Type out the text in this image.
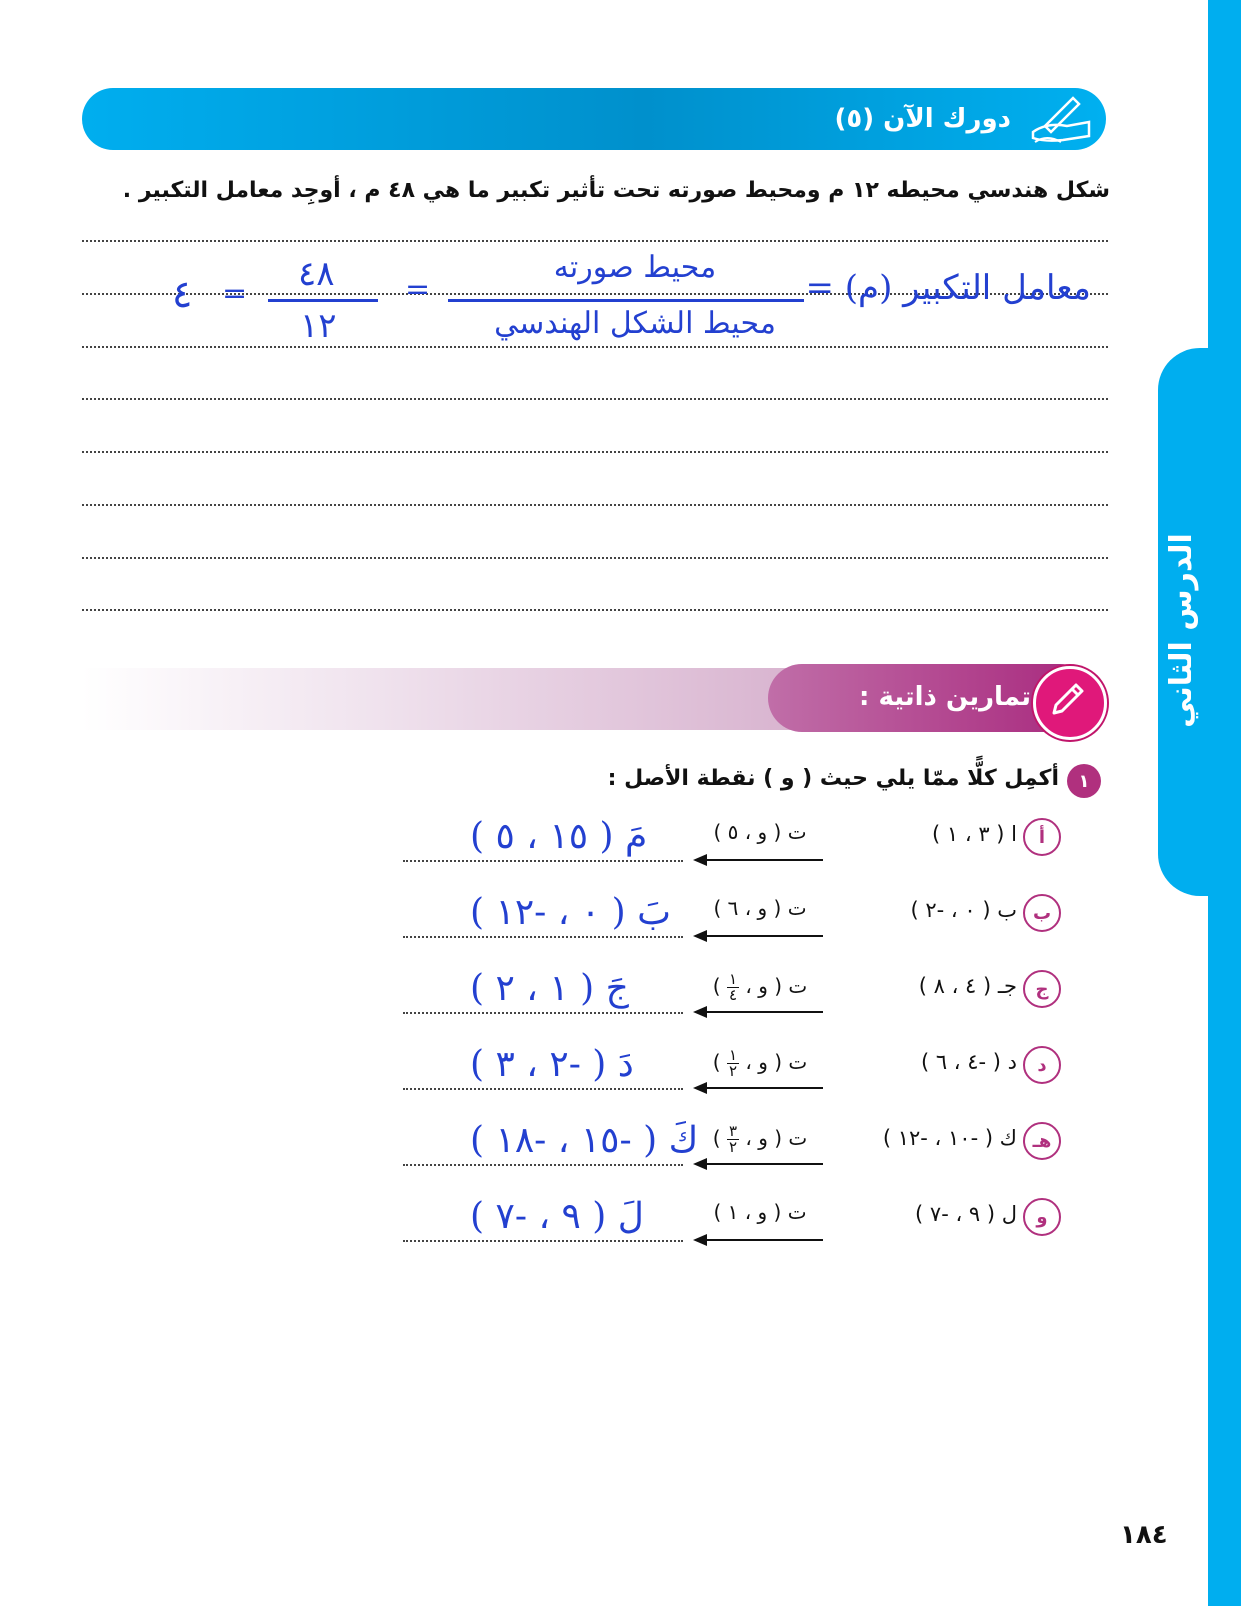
الدرس الثاني
دورك الآن (٥)
شكل هندسي محيطه ١٢ م ومحيط صورته تحت تأثير تكبير ما هي ٤٨ م ، أوجِد معامل التكبير .
معامل التكبير (م) =
محيط صورته
محيط الشكل الهندسي
=
٤٨
١٢
=
٤
تمارين ذاتية :
١
أكمِل كلًّا ممّا يلي حيث ( و ) نقطة الأصل :
أ
ا ( ٣ ، ١ )
ت ( و ، ٥ )
مَ ( ١٥ ، ٥ )
ب
ب ( ٠ ، -٢ )
ت ( و ، ٦ )
بَ ( ٠ ، -١٢ )
ج
جـ ( ٤ ، ٨ )
ت ( و ،
$\frac{١}{٤}$
)
جَ ( ١ ، ٢ )
د
د ( -٤ ، ٦ )
ت ( و ،
$\frac{١}{٢}$
)
دَ ( -٢ ، ٣ )
هـ
ك ( -١٠ ، -١٢ )
ت ( و ،
$\frac{٣}{٢}$
)
كَ ( -١٥ ، -١٨ )
و
ل ( ٩ ، -٧ )
ت ( و ، ١ )
لَ ( ٩ ، -٧ )
١٨٤
